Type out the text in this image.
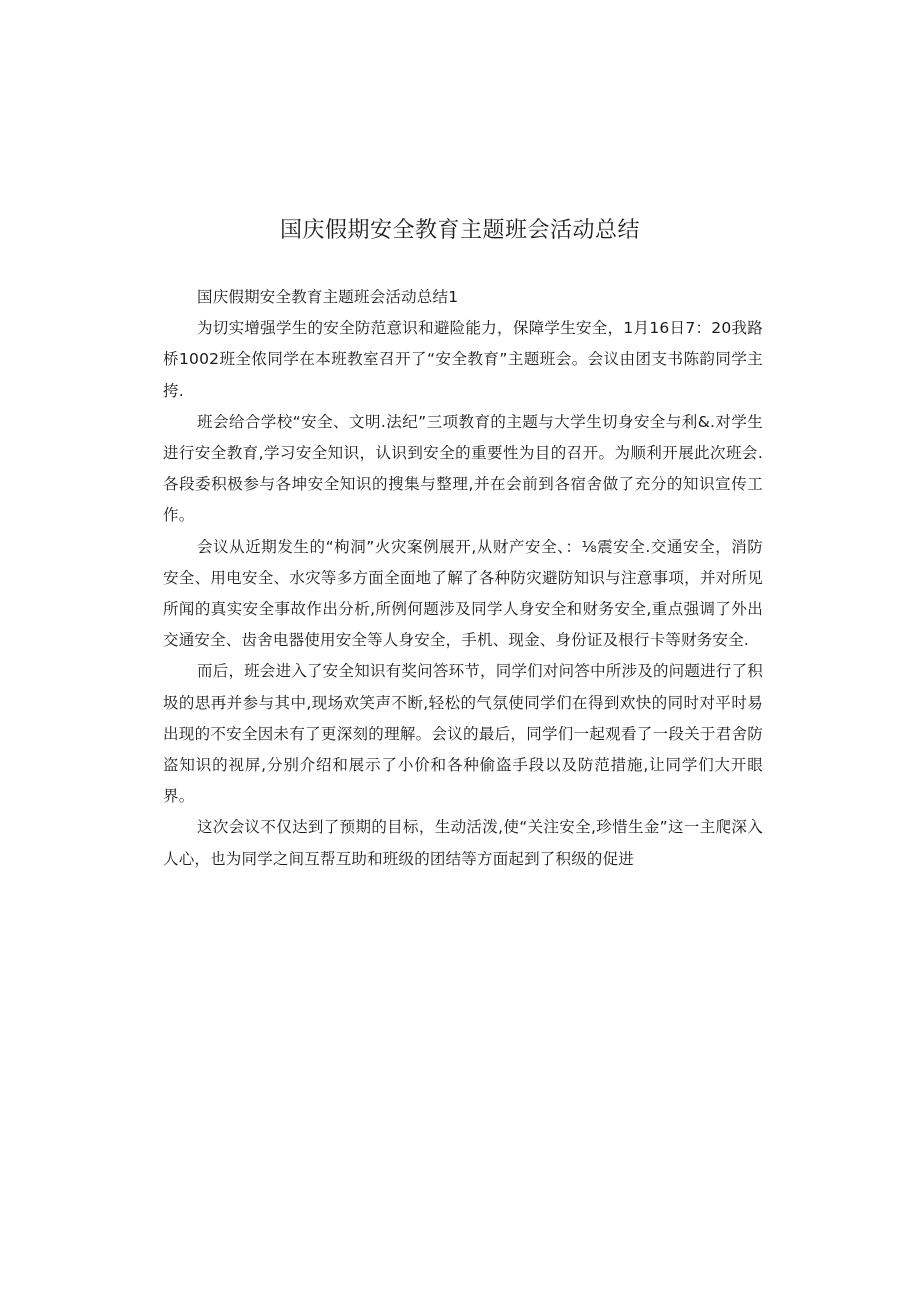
国庆假期安全教育主题班会活动总结

国庆假期安全教育主题班会活动总结1

为切实增强学生的安全防范意识和避险能力，保障学生安全，1月16日7：20我路桥1002班全侬同学在本班教室召开了“安全教育”主题班会。会议由团支书陈韵同学主挎.

班会给合学校“安全、文明.法纪”三项教育的主题与大学生切身安全与利&.对学生进行安全教育,学习安全知识，认识到安全的重要性为目的召开。为顺利开展此次班会.各段委积极参与各坤安全知识的搜集与整理,并在会前到各宿舍做了充分的知识宣传工作。

会议从近期发生的“枸洞”火灾案例展开,从财产安全、：⅛震安全.交通安全，消防安全、用电安全、水灾等多方面全面地了解了各种防灾避防知识与注意事项，并对所见所闻的真实安全事故作出分析,所例何题涉及同学人身安全和财务安全,重点强调了外出交通安全、齿舍电器使用安全等人身安全，手机、现金、身份证及根行卡等财务安全.

而后，班会进入了安全知识有奖问答环节，同学们对问答中所涉及的问题进行了积圾的思再并参与其中,现场欢笑声不断,轻松的气氛使同学们在得到欢快的同时对平时易出现的不安全因未有了更深刻的理解。会议的最后，同学们一起观看了一段关于君舍防盗知识的视屏,分别介绍和展示了小价和各种偷盗手段以及防范措施,让同学们大开眼界。

这次会议不仅达到了预期的目标，生动活泼,使“关注安全,珍惜生金”这一主爬深入人心，也为同学之间互帮互助和班级的团结等方面起到了积级的促进
